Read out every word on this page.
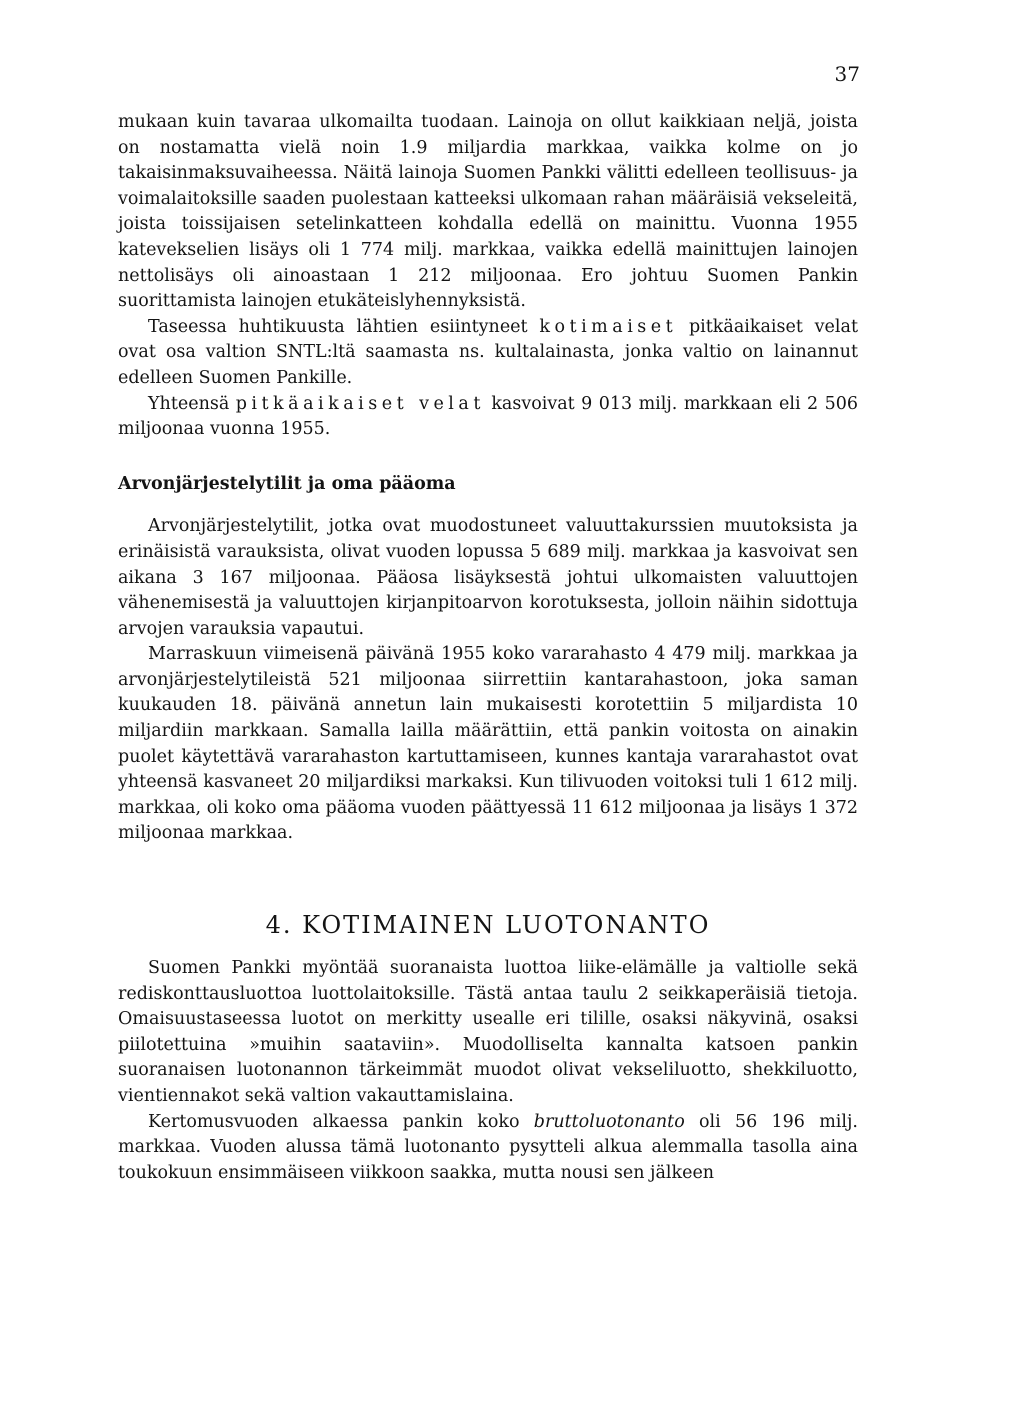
37

mukaan kuin tavaraa ulkomailta tuodaan. Lainoja on ollut kaikkiaan neljä, joista on nostamatta vielä noin 1.9 miljardia markkaa, vaikka kolme on jo takaisinmaksuvaiheessa. Näitä lainoja Suomen Pankki välitti edelleen teollisuus- ja voimalaitoksille saaden puolestaan katteeksi ulkomaan rahan määräisiä vekseleitä, joista toissijaisen setelinkatteen kohdalla edellä on mainittu. Vuonna 1955 katevekselien lisäys oli 1 774 milj. markkaa, vaikka edellä mainittujen lainojen nettolisäys oli ainoastaan 1 212 miljoonaa. Ero johtuu Suomen Pankin suorittamista lainojen etukäteislyhennyksistä.

Taseessa huhtikuusta lähtien esiintyneet kotimaiset pitkäaikaiset velat ovat osa valtion SNTL:ltä saamasta ns. kultalainasta, jonka valtio on lainannut edelleen Suomen Pankille.

Yhteensä pitkäaikaiset velat kasvoivat 9 013 milj. markkaan eli 2 506 miljoonaa vuonna 1955.

Arvonjärjestelytilit ja oma pääoma

Arvonjärjestelytilit, jotka ovat muodostuneet valuuttakurssien muutoksista ja erinäisistä varauksista, olivat vuoden lopussa 5 689 milj. markkaa ja kasvoivat sen aikana 3 167 miljoonaa. Pääosa lisäyksestä johtui ulkomaisten valuuttojen vähenemisestä ja valuuttojen kirjanpitoarvon korotuksesta, jolloin näihin sidottuja arvojen varauksia vapautui.

Marraskuun viimeisenä päivänä 1955 koko vararahasto 4 479 milj. markkaa ja arvonjärjestelytileistä 521 miljoonaa siirrettiin kantarahastoon, joka saman kuukauden 18. päivänä annetun lain mukaisesti korotettiin 5 miljardista 10 miljardiin markkaan. Samalla lailla määrättiin, että pankin voitosta on ainakin puolet käytettävä vararahaston kartuttamiseen, kunnes kantaja vararahastot ovat yhteensä kasvaneet 20 miljardiksi markaksi. Kun tilivuoden voitoksi tuli 1 612 milj. markkaa, oli koko oma pääoma vuoden päättyessä 11 612 miljoonaa ja lisäys 1 372 miljoonaa markkaa.

4. KOTIMAINEN LUOTONANTO

Suomen Pankki myöntää suoranaista luottoa liike-elämälle ja valtiolle sekä rediskonttausluottoa luottolaitoksille. Tästä antaa taulu 2 seikkaperäisiä tietoja. Omaisuustaseessa luotot on merkitty usealle eri tilille, osaksi näkyvinä, osaksi piilotettuina »muihin saataviin». Muodolliselta kannalta katsoen pankin suoranaisen luotonannon tärkeimmät muodot olivat vekseliluotto, shekkiluotto, vientiennakot sekä valtion vakauttamislaina.

Kertomusvuoden alkaessa pankin koko bruttoluotonanto oli 56 196 milj. markkaa. Vuoden alussa tämä luotonanto pysytteli alkua alemmalla tasolla aina toukokuun ensimmäiseen viikkoon saakka, mutta nousi sen jälkeen
